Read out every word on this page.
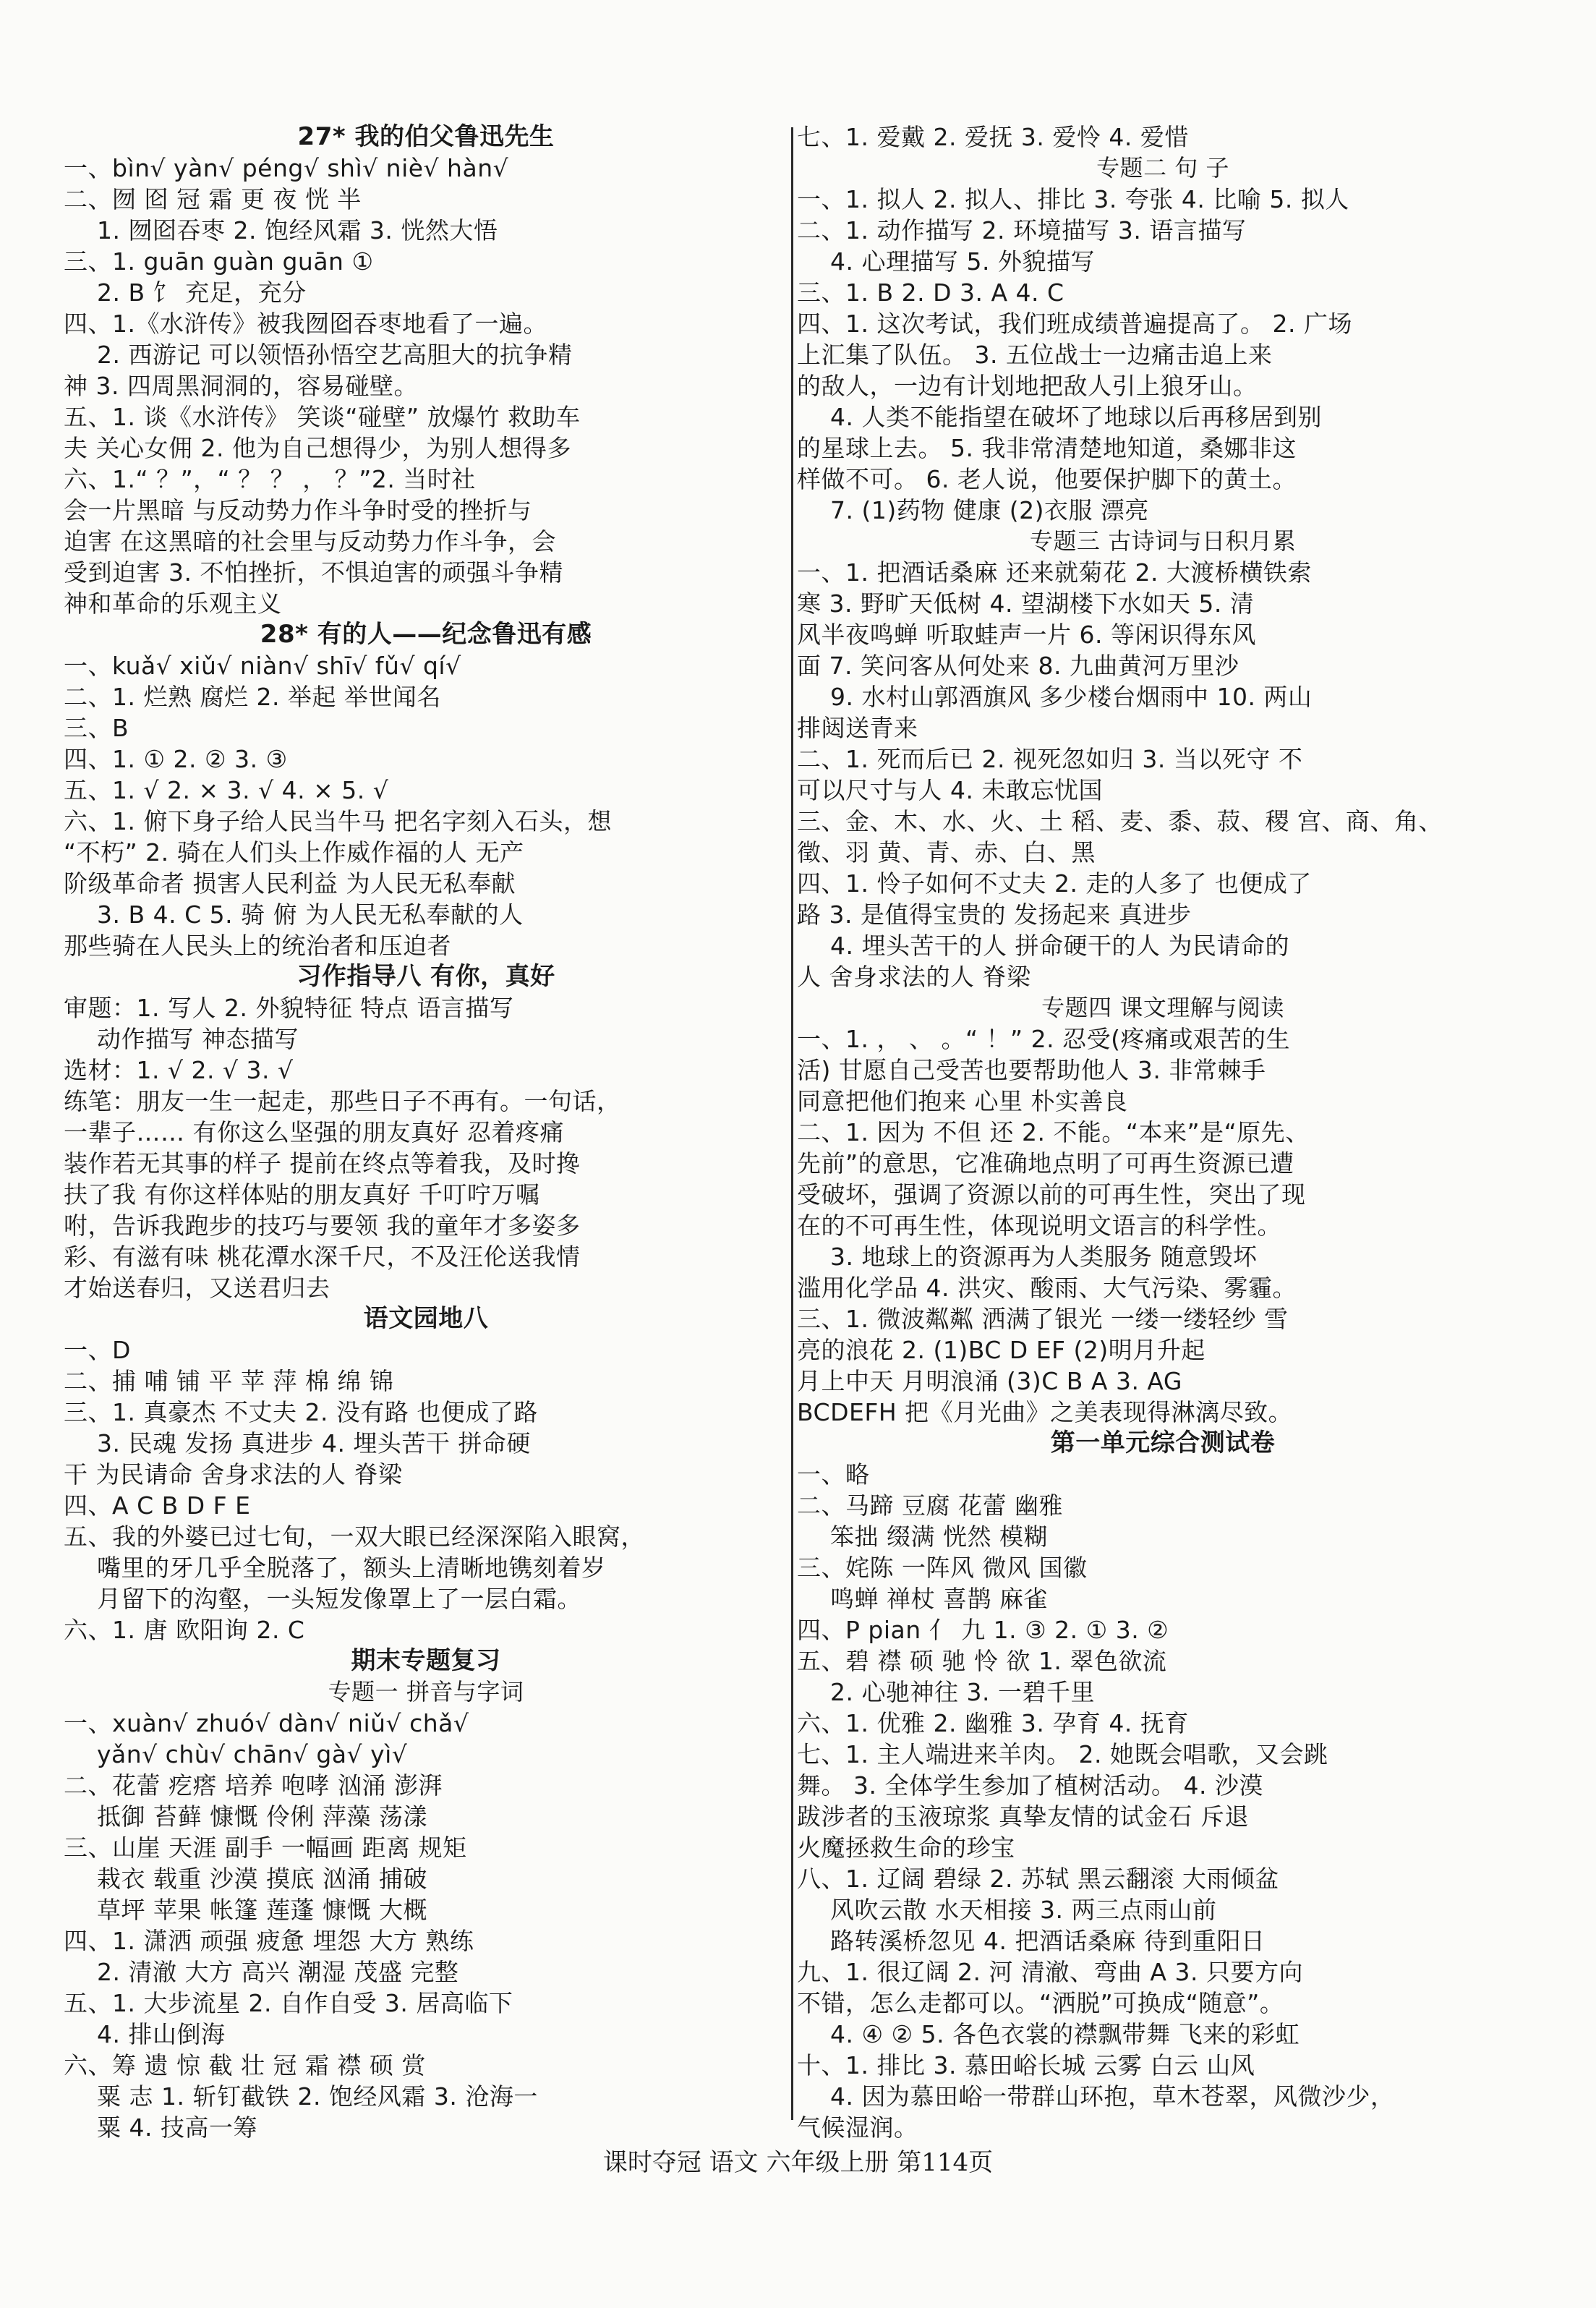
27* 我的伯父鲁迅先生
一、bìn√ yàn√ péng√ shì√ niè√ hàn√
二、囫 囵 冠 霜 更 夜 恍 半
1. 囫囵吞枣 2. 饱经风霜 3. 恍然大悟
三、1. guān guàn guān ①
2. B 饣 充足，充分
四、1.《水浒传》被我囫囵吞枣地看了一遍。
2. 西游记 可以领悟孙悟空艺高胆大的抗争精
神 3. 四周黑洞洞的，容易碰壁。
五、1. 谈《水浒传》 笑谈“碰壁” 放爆竹 救助车
夫 关心女佣 2. 他为自己想得少，为别人想得多
六、1.“ ？”，“ ？ ？ ， ？”2. 当时社
会一片黑暗 与反动势力作斗争时受的挫折与
迫害 在这黑暗的社会里与反动势力作斗争，会
受到迫害 3. 不怕挫折，不惧迫害的顽强斗争精
神和革命的乐观主义
28* 有的人——纪念鲁迅有感
一、kuǎ√ xiǔ√ niàn√ shī√ fǔ√ qí√
二、1. 烂熟 腐烂 2. 举起 举世闻名
三、B
四、1. ① 2. ② 3. ③
五、1. √ 2. × 3. √ 4. × 5. √
六、1. 俯下身子给人民当牛马 把名字刻入石头，想
“不朽” 2. 骑在人们头上作威作福的人 无产
阶级革命者 损害人民利益 为人民无私奉献
3. B 4. C 5. 骑 俯 为人民无私奉献的人
那些骑在人民头上的统治者和压迫者
习作指导八 有你，真好
审题：1. 写人 2. 外貌特征 特点 语言描写
动作描写 神态描写
选材：1. √ 2. √ 3. √
练笔：朋友一生一起走，那些日子不再有。一句话，
一辈子…… 有你这么坚强的朋友真好 忍着疼痛
装作若无其事的样子 提前在终点等着我，及时搀
扶了我 有你这样体贴的朋友真好 千叮咛万嘱
咐，告诉我跑步的技巧与要领 我的童年才多姿多
彩、有滋有味 桃花潭水深千尺，不及汪伦送我情
才始送春归，又送君归去
语文园地八
一、D
二、捕 哺 铺 平 苹 萍 棉 绵 锦
三、1. 真豪杰 不丈夫 2. 没有路 也便成了路
3. 民魂 发扬 真进步 4. 埋头苦干 拼命硬
干 为民请命 舍身求法的人 脊梁
四、A C B D F E
五、我的外婆已过七旬，一双大眼已经深深陷入眼窝，
嘴里的牙几乎全脱落了，额头上清晰地镌刻着岁
月留下的沟壑，一头短发像罩上了一层白霜。
六、1. 唐 欧阳询 2. C
期末专题复习
专题一 拼音与字词
一、xuàn√ zhuó√ dàn√ niǔ√ chǎ√
yǎn√ chù√ chān√ gà√ yì√
二、花蕾 疙瘩 培养 咆哮 汹涌 澎湃
抵御 苔藓 慷慨 伶俐 萍藻 荡漾
三、山崖 天涯 副手 一幅画 距离 规矩
栽衣 载重 沙漠 摸底 汹涌 捕破
草坪 苹果 帐篷 莲蓬 慷慨 大概
四、1. 潇洒 顽强 疲惫 埋怨 大方 熟练
2. 清澈 大方 高兴 潮湿 茂盛 完整
五、1. 大步流星 2. 自作自受 3. 居高临下
4. 排山倒海
六、筹 遗 惊 截 壮 冠 霜 襟 硕 赏
粟 志 1. 斩钉截铁 2. 饱经风霜 3. 沧海一
粟 4. 技高一筹
七、1. 爱戴 2. 爱抚 3. 爱怜 4. 爱惜
专题二 句 子
一、1. 拟人 2. 拟人、排比 3. 夸张 4. 比喻 5. 拟人
二、1. 动作描写 2. 环境描写 3. 语言描写
4. 心理描写 5. 外貌描写
三、1. B 2. D 3. A 4. C
四、1. 这次考试，我们班成绩普遍提高了。 2. 广场
上汇集了队伍。 3. 五位战士一边痛击追上来
的敌人，一边有计划地把敌人引上狼牙山。
4. 人类不能指望在破坏了地球以后再移居到别
的星球上去。 5. 我非常清楚地知道，桑娜非这
样做不可。 6. 老人说，他要保护脚下的黄土。
7. (1)药物 健康 (2)衣服 漂亮
专题三 古诗词与日积月累
一、1. 把酒话桑麻 还来就菊花 2. 大渡桥横铁索
寒 3. 野旷天低树 4. 望湖楼下水如天 5. 清
风半夜鸣蝉 听取蛙声一片 6. 等闲识得东风
面 7. 笑问客从何处来 8. 九曲黄河万里沙
9. 水村山郭酒旗风 多少楼台烟雨中 10. 两山
排闼送青来
二、1. 死而后已 2. 视死忽如归 3. 当以死守 不
可以尺寸与人 4. 未敢忘忧国
三、金、木、水、火、土 稻、麦、黍、菽、稷 宫、商、角、
徵、羽 黄、青、赤、白、黑
四、1. 怜子如何不丈夫 2. 走的人多了 也便成了
路 3. 是值得宝贵的 发扬起来 真进步
4. 埋头苦干的人 拼命硬干的人 为民请命的
人 舍身求法的人 脊梁
专题四 课文理解与阅读
一、1. ， 、 。“ ！” 2. 忍受(疼痛或艰苦的生
活) 甘愿自己受苦也要帮助他人 3. 非常棘手
同意把他们抱来 心里 朴实善良
二、1. 因为 不但 还 2. 不能。“本来”是“原先、
先前”的意思，它准确地点明了可再生资源已遭
受破坏，强调了资源以前的可再生性，突出了现
在的不可再生性，体现说明文语言的科学性。
3. 地球上的资源再为人类服务 随意毁坏
滥用化学品 4. 洪灾、酸雨、大气污染、雾霾。
三、1. 微波粼粼 洒满了银光 一缕一缕轻纱 雪
亮的浪花 2. (1)BC D EF (2)明月升起
月上中天 月明浪涌 (3)C B A 3. AG
BCDEFH 把《月光曲》之美表现得淋漓尽致。
第一单元综合测试卷
一、略
二、马蹄 豆腐 花蕾 幽雅
笨拙 缀满 恍然 模糊
三、姹陈 一阵风 微风 国徽
鸣蝉 禅杖 喜鹊 麻雀
四、P pian 亻 九 1. ③ 2. ① 3. ②
五、碧 襟 硕 驰 怜 欲 1. 翠色欲流
2. 心驰神往 3. 一碧千里
六、1. 优雅 2. 幽雅 3. 孕育 4. 抚育
七、1. 主人端进来羊肉。 2. 她既会唱歌，又会跳
舞。 3. 全体学生参加了植树活动。 4. 沙漠
跋涉者的玉液琼浆 真挚友情的试金石 斥退
火魔拯救生命的珍宝
八、1. 辽阔 碧绿 2. 苏轼 黑云翻滚 大雨倾盆
风吹云散 水天相接 3. 两三点雨山前
路转溪桥忽见 4. 把酒话桑麻 待到重阳日
九、1. 很辽阔 2. 河 清澈、弯曲 A 3. 只要方向
不错，怎么走都可以。“洒脱”可换成“随意”。
4. ④ ② 5. 各色衣裳的襟飘带舞 飞来的彩虹
十、1. 排比 3. 慕田峪长城 云雾 白云 山风
4. 因为慕田峪一带群山环抱，草木苍翠，风微沙少，
气候湿润。
课时夺冠 语文 六年级上册 第114页
